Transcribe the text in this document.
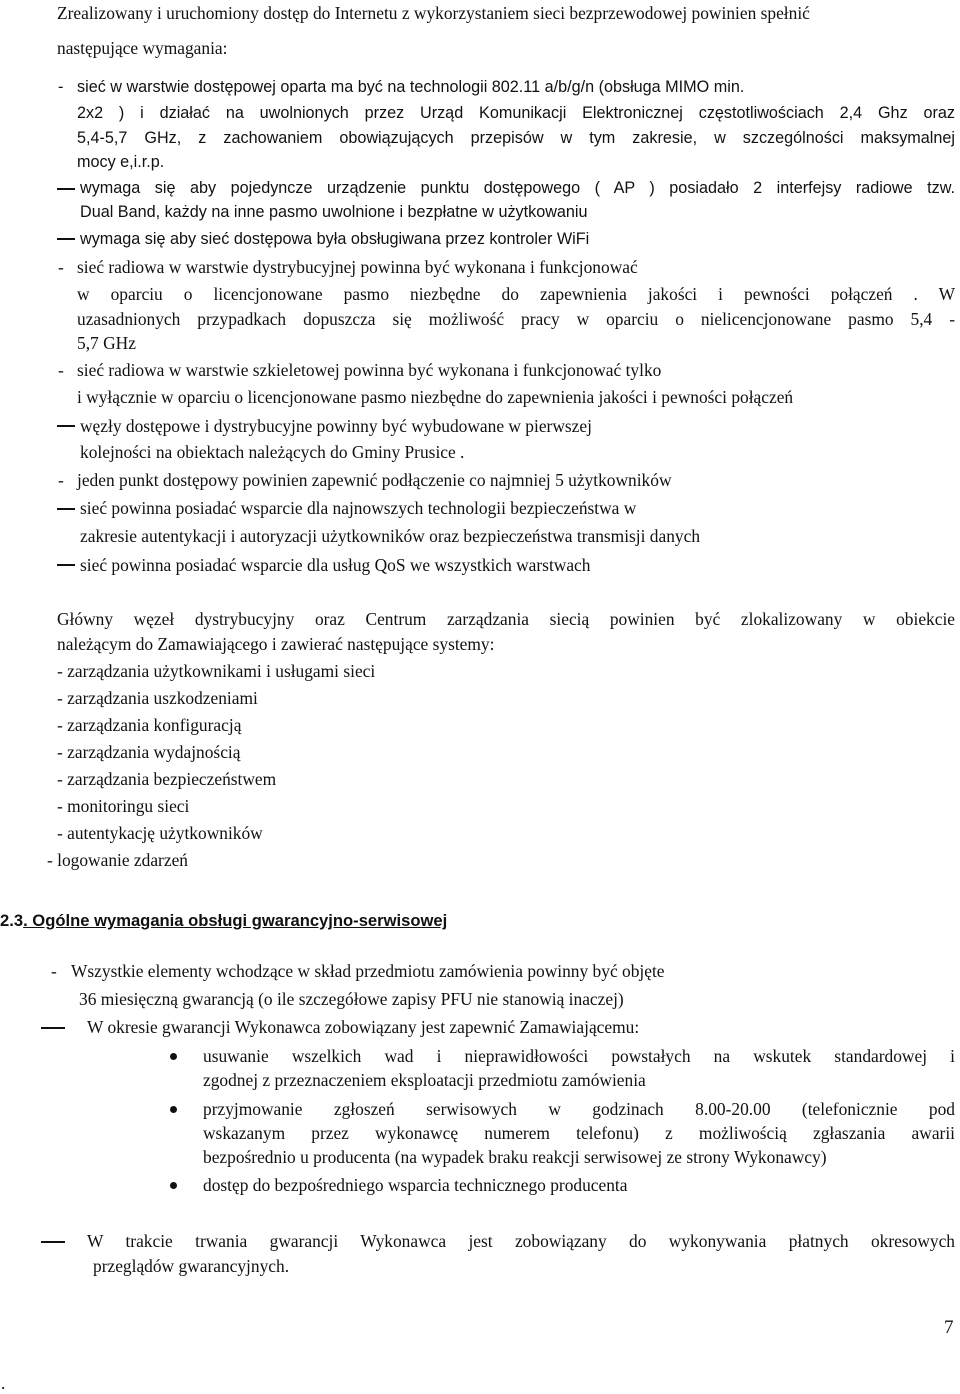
Zrealizowany i uruchomiony dostęp do Internetu z wykorzystaniem sieci bezprzewodowej powinien spełnić
następujące wymagania:
- sieć w warstwie dostępowej oparta ma być na technologii 802.11 a/b/g/n (obsługa MIMO min.
2x2 ) i działać na uwolnionych przez Urząd Komunikacji Elektronicznej częstotliwościach 2,4 Ghz oraz
5,4-5,7 GHz, z zachowaniem obowiązujących przepisów w tym zakresie, w szczególności maksymalnej
mocy e,i.r.p.
wymaga się aby pojedyncze urządzenie punktu dostępowego ( AP ) posiadało 2 interfejsy radiowe tzw.
Dual Band, każdy na inne pasmo uwolnione i bezpłatne w użytkowaniu
wymaga się aby sieć dostępowa była obsługiwana przez kontroler WiFi
- sieć radiowa w warstwie dystrybucyjnej powinna być wykonana i funkcjonować
w oparciu o licencjonowane pasmo niezbędne do zapewnienia jakości i pewności połączeń . W
uzasadnionych przypadkach dopuszcza się możliwość pracy w oparciu o nielicencjonowane pasmo 5,4 -
5,7 GHz
- sieć radiowa w warstwie szkieletowej powinna być wykonana i funkcjonować tylko
i wyłącznie w oparciu o licencjonowane pasmo niezbędne do zapewnienia jakości i pewności połączeń
węzły dostępowe i dystrybucyjne powinny być wybudowane w pierwszej
kolejności na obiektach należących do Gminy Prusice .
- jeden punkt dostępowy powinien zapewnić podłączenie co najmniej 5 użytkowników
sieć powinna posiadać wsparcie dla najnowszych technologii bezpieczeństwa w
zakresie autentykacji i autoryzacji użytkowników oraz bezpieczeństwa transmisji danych
sieć powinna posiadać wsparcie dla usług QoS we wszystkich warstwach
Główny węzeł dystrybucyjny oraz Centrum zarządzania siecią powinien być zlokalizowany w obiekcie
należącym do Zamawiającego i zawierać następujące systemy:
- zarządzania użytkownikami i usługami sieci
- zarządzania uszkodzeniami
- zarządzania konfiguracją
- zarządzania wydajnością
- zarządzania bezpieczeństwem
- monitoringu sieci
- autentykację użytkowników
- logowanie zdarzeń
2.3. Ogólne wymagania obsługi gwarancyjno-serwisowej
- Wszystkie elementy wchodzące w skład przedmiotu zamówienia powinny być objęte
36 miesięczną gwarancją (o ile szczegółowe zapisy PFU nie stanowią inaczej)
W okresie gwarancji Wykonawca zobowiązany jest zapewnić Zamawiającemu:
usuwanie wszelkich wad i nieprawidłowości powstałych na wskutek standardowej i
zgodnej z przeznaczeniem eksploatacji przedmiotu zamówienia
przyjmowanie zgłoszeń serwisowych w godzinach 8.00-20.00 (telefonicznie pod
wskazanym przez wykonawcę numerem telefonu) z możliwością zgłaszania awarii
bezpośrednio u producenta (na wypadek braku reakcji serwisowej ze strony Wykonawcy)
dostęp do bezpośredniego wsparcia technicznego producenta
W trakcie trwania gwarancji Wykonawca jest zobowiązany do wykonywania płatnych okresowych
przeglądów gwarancyjnych.
7
.
